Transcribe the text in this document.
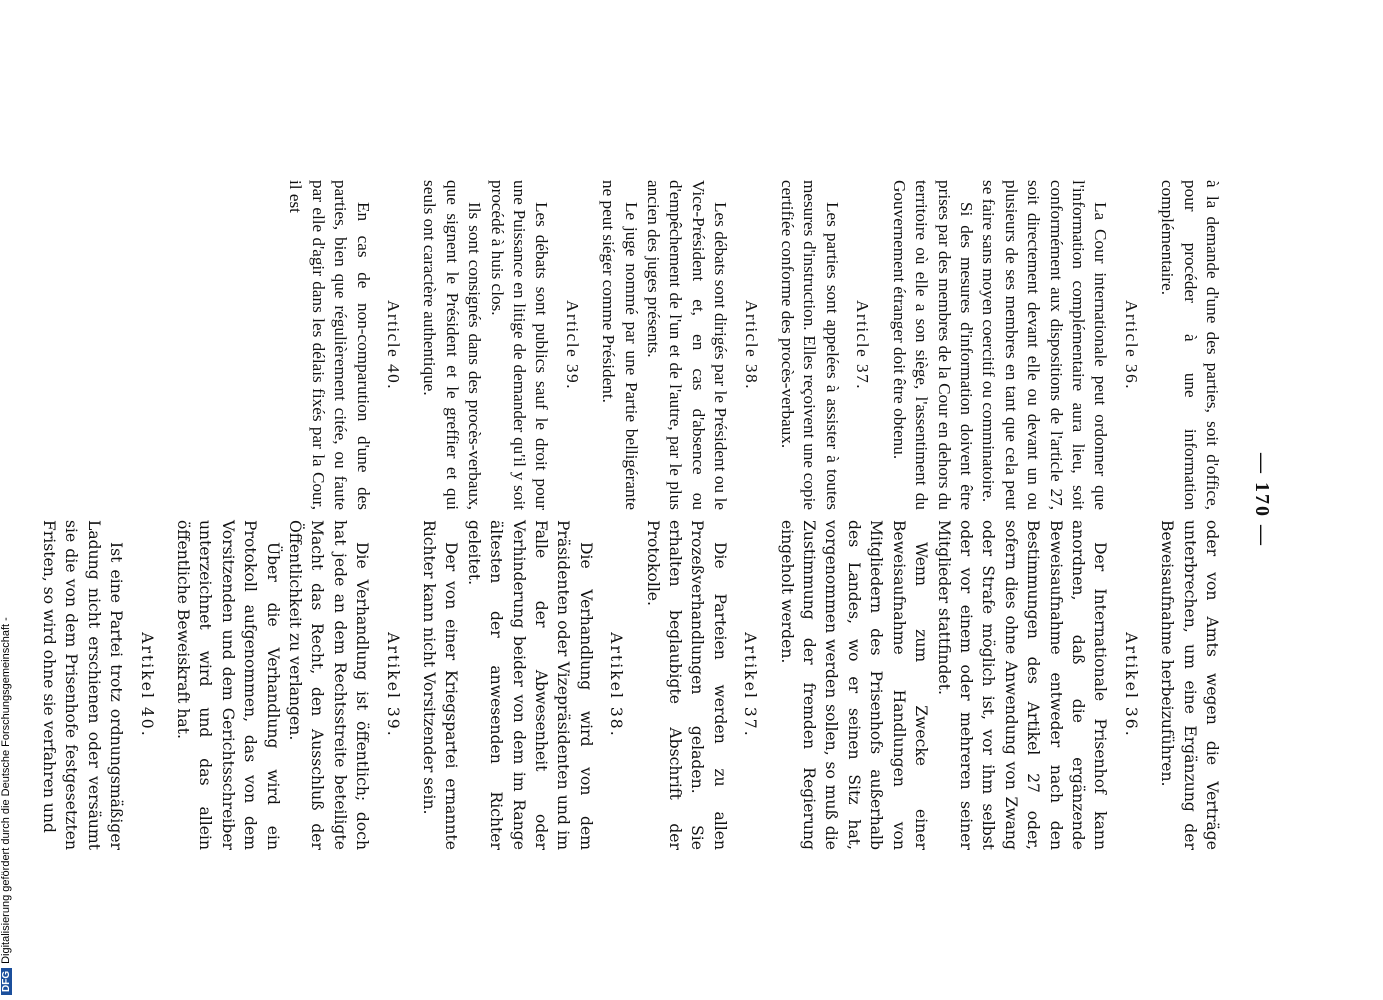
— 170 —

à la demande d'une des parties, soit d'office, pour procéder à une information complémentaire.

Article 36.

La Cour internationale peut ordonner que l'information complémentaire aura lieu, soit conformément aux dispositions de l'article 27, soit directement devant elle ou devant un ou plusieurs de ses membres en tant que cela peut se faire sans moyen coercitif ou comminatoire.

Si des mesures d'information doivent être prises par des membres de la Cour en dehors du territoire où elle a son siège, l'assentiment du Gouvernement étranger doit être obtenu.

Article 37.

Les parties sont appelées à assister à toutes mesures d'instruction. Elles reçoivent une copie certifiée conforme des procès-verbaux.

Article 38.

Les débats sont dirigés par le Président ou le Vice-Président et, en cas d'absence ou d'empêchement de l'un et de l'autre, par le plus ancien des juges présents.

Le juge nommé par une Partie belligérante ne peut siéger comme Président.

Article 39.

Les débats sont publics sauf le droit pour une Puissance en litige de demander qu'il y soit procédé à huis clos.

Ils sont consignés dans des procès-verbaux, que signent le Président et le greffier et qui seuls ont caractère authentique.

Article 40.

En cas de non-comparution d'une des parties, bien que régulièrement citée, ou faute par elle d'agir dans les délais fixés par la Cour, il est

oder von Amts wegen die Verträge unterbrechen, um eine Ergänzung der Beweisaufnahme herbeizuführen.

Artikel 36.

Der Internationale Prisenhof kann anordnen, daß die ergänzende Beweisaufnahme entweder nach den Bestimmungen des Artikel 27 oder, sofern dies ohne Anwendung von Zwang oder Strafe möglich ist, vor ihm selbst oder vor einem oder mehreren seiner Mitglieder stattfindet.

Wenn zum Zwecke einer Beweisaufnahme Handlungen von Mitgliedern des Prisenhofs außerhalb des Landes, wo er seinen Sitz hat, vorgenommen werden sollen, so muß die Zustimmung der fremden Regierung eingeholt werden.

Artikel 37.

Die Parteien werden zu allen Prozeßverhandlungen geladen. Sie erhalten beglaubigte Abschrift der Protokolle.

Artikel 38.

Die Verhandlung wird von dem Präsidenten oder Vizepräsidenten und im Falle der Abwesenheit oder Verhinderung beider von dem im Range ältesten der anwesenden Richter geleitet.

Der von einer Kriegspartei ernannte Richter kann nicht Vorsitzender sein.

Artikel 39.

Die Verhandlung ist öffentlich; doch hat jede an dem Rechtsstreite beteiligte Macht das Recht, den Ausschluß der Öffentlichkeit zu verlangen.

Über die Verhandlung wird ein Protokoll aufgenommen, das von dem Vorsitzenden und dem Gerichtsschreiber unterzeichnet wird und das allein öffentliche Beweiskraft hat.

Artikel 40.

Ist eine Partei trotz ordnungsmäßiger Ladung nicht erschienen oder versäumt sie die von dem Prisenhofe festgesetzten Fristen, so wird ohne sie verfahren und

DFGDigitalisierung gefördert durch die Deutsche Forschungsgemeinschaft -
